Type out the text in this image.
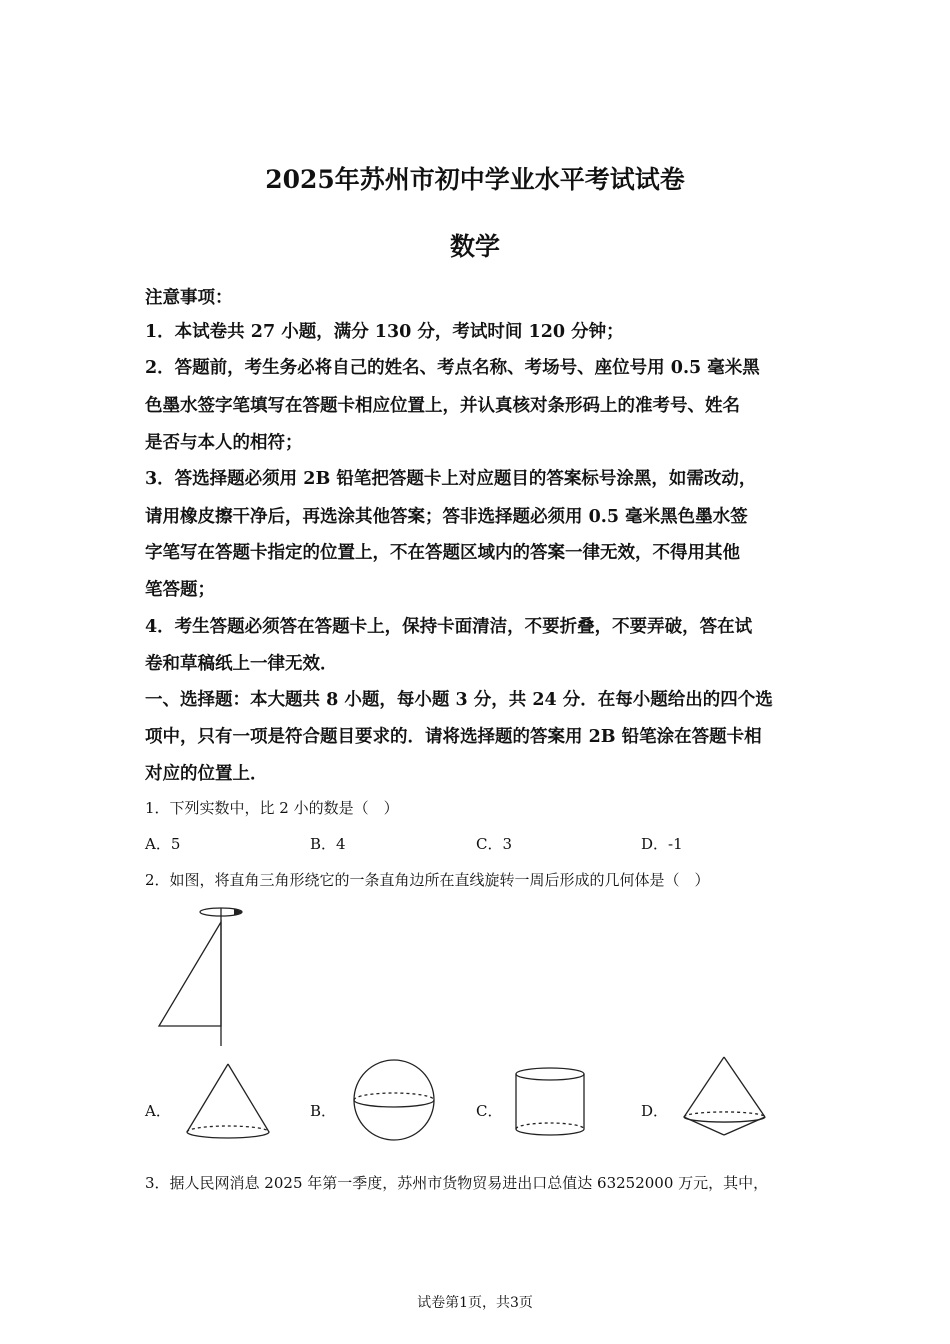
2025年苏州市初中学业水平考试试卷
数学
注意事项：
1．本试卷共 27 小题，满分 130 分，考试时间 120 分钟；
2．答题前，考生务必将自己的姓名、考点名称、考场号、座位号用 0.5 毫米黑
色墨水签字笔填写在答题卡相应位置上，并认真核对条形码上的准考号、姓名
是否与本人的相符；
3．答选择题必须用 2B 铅笔把答题卡上对应题目的答案标号涂黑，如需改动，
请用橡皮擦干净后，再选涂其他答案；答非选择题必须用 0.5 毫米黑色墨水签
字笔写在答题卡指定的位置上，不在答题区域内的答案一律无效，不得用其他
笔答题；
4．考生答题必须答在答题卡上，保持卡面清洁，不要折叠，不要弄破，答在试
卷和草稿纸上一律无效．
一、选择题：本大题共 8 小题，每小题 3 分，共 24 分．在每小题给出的四个选
项中，只有一项是符合题目要求的．请将选择题的答案用 2B 铅笔涂在答题卡相
对应的位置上．
1．下列实数中，比 2 小的数是（　）
A．5	B．4	C．3	D．-1
2．如图，将直角三角形绕它的一条直角边所在直线旋转一周后形成的几何体是（　）
A．	B．	C．	D．
3．据人民网消息 2025 年第一季度，苏州市货物贸易进出口总值达 63252000 万元，其中，
试卷第1页，共3页
